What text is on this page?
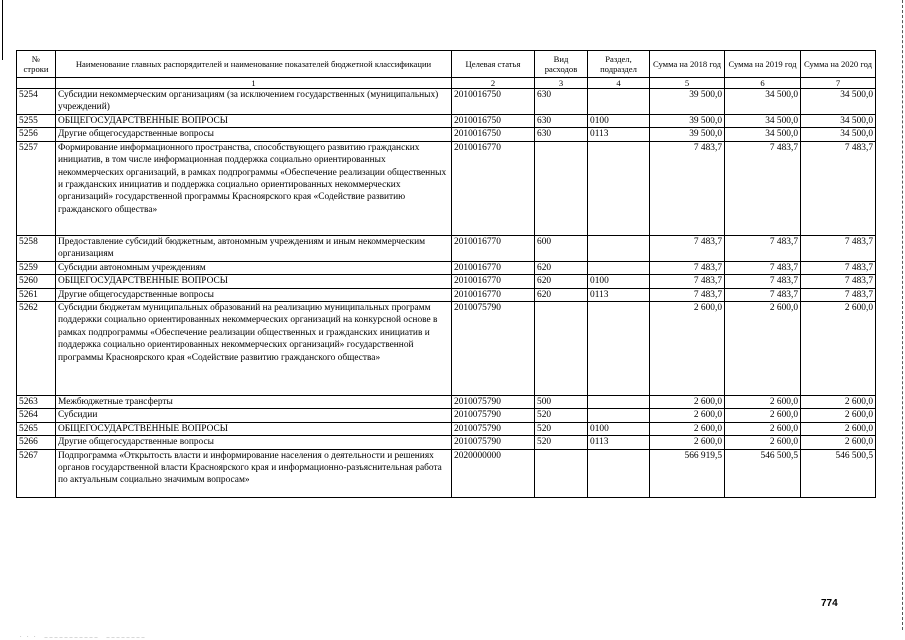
№ строки	Наименование главных распорядителей и наименование показателей бюджетной классификации	Целевая статья	Вид расходов	Раздел, подраздел	Сумма на 2018 год	Сумма на 2019 год	Сумма на 2020 год
	1	2	3	4	5	6	7
5254	Субсидии некоммерческим организациям (за исключением государственных (муниципальных) учреждений)	2010016750	630		39 500,0	34 500,0	34 500,0
5255	ОБЩЕГОСУДАРСТВЕННЫЕ ВОПРОСЫ	2010016750	630	0100	39 500,0	34 500,0	34 500,0
5256	Другие общегосударственные вопросы	2010016750	630	0113	39 500,0	34 500,0	34 500,0
5257	Формирование информационного пространства, способствующего развитию гражданских инициатив, в том числе информационная поддержка социально ориентированных некоммерческих организаций, в рамках подпрограммы «Обеспечение реализации общественных и гражданских инициатив и поддержка социально ориентированных некоммерческих организаций» государственной программы Красноярского края «Содействие развитию гражданского общества»	2010016770			7 483,7	7 483,7	7 483,7
5258	Предоставление субсидий бюджетным, автономным учреждениям и иным некоммерческим организациям	2010016770	600		7 483,7	7 483,7	7 483,7
5259	Субсидии автономным учреждениям	2010016770	620		7 483,7	7 483,7	7 483,7
5260	ОБЩЕГОСУДАРСТВЕННЫЕ ВОПРОСЫ	2010016770	620	0100	7 483,7	7 483,7	7 483,7
5261	Другие общегосударственные вопросы	2010016770	620	0113	7 483,7	7 483,7	7 483,7
5262	Субсидии бюджетам муниципальных образований на реализацию муниципальных программ поддержки социально ориентированных некоммерческих организаций на конкурсной основе в рамках подпрограммы «Обеспечение реализации общественных и гражданских инициатив и поддержка социально ориентированных некоммерческих организаций» государственной программы Красноярского края «Содействие развитию гражданского общества»	2010075790			2 600,0	2 600,0	2 600,0
5263	Межбюджетные трансферты	2010075790	500		2 600,0	2 600,0	2 600,0
5264	Субсидии	2010075790	520		2 600,0	2 600,0	2 600,0
5265	ОБЩЕГОСУДАРСТВЕННЫЕ ВОПРОСЫ	2010075790	520	0100	2 600,0	2 600,0	2 600,0
5266	Другие общегосударственные вопросы	2010075790	520	0113	2 600,0	2 600,0	2 600,0
5267	Подпрограмма «Открытость власти и информирование населения о деятельности и решениях органов государственной власти Красноярского края и информационно-разъяснительная работа по актуальным социально значимым вопросам»	2020000000			566 919,5	546 500,5	546 500,5
774
. . .  ___________  ________
